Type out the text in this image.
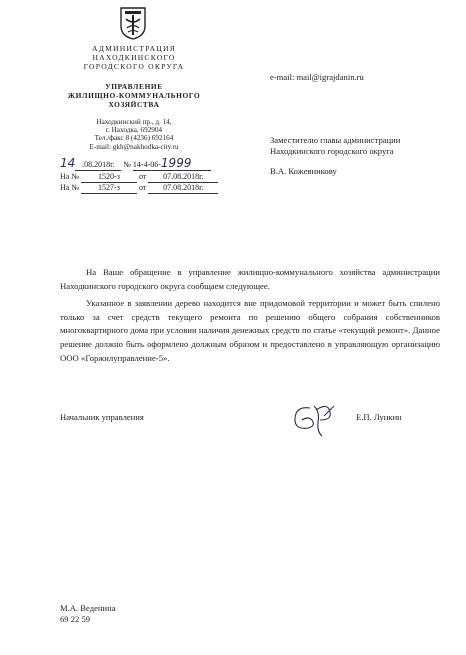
АДМИНИСТРАЦИЯ
НАХОДКИНСКОГО
ГОРОДСКОГО ОКРУГА
УПРАВЛЕНИЕ
ЖИЛИЩНО-КОММУНАЛЬНОГО
ХОЗЯЙСТВА
Находкинский пр., д. 14,
г. Находка, 692904
Тел./факс 8 (4236) 692164
E-mail: gkh@nakhodka-city.ru
14 .08.2018г. № 14-4-06-1999
На № 1520-з от 07.08.2018г.
На № 1527-з от 07.08.2018г.
e-mail: mail@igrajdanin.ru
Заместителю главы администрации
Находкинского городского округа
В.А. Кожевникову

На Ваше обращение в управление жилищно-коммунального хозяйства администрации Находкинского городского округа сообщаем следующее.

Указанное в заявлении дерево находится вне придомовой территории и может быть спилено только за счет средств текущего ремонта по решению общего собрания собственников многоквартирного дома при условии наличия денежных средств по статье «текущий ремонт». Данное решение должно быть оформлено должным образом и предоставлено в управляющую организацию ООО «Горжилуправление-5».

Начальник управления	Е.П. Лункин
М.А. Веденина
69 22 59
